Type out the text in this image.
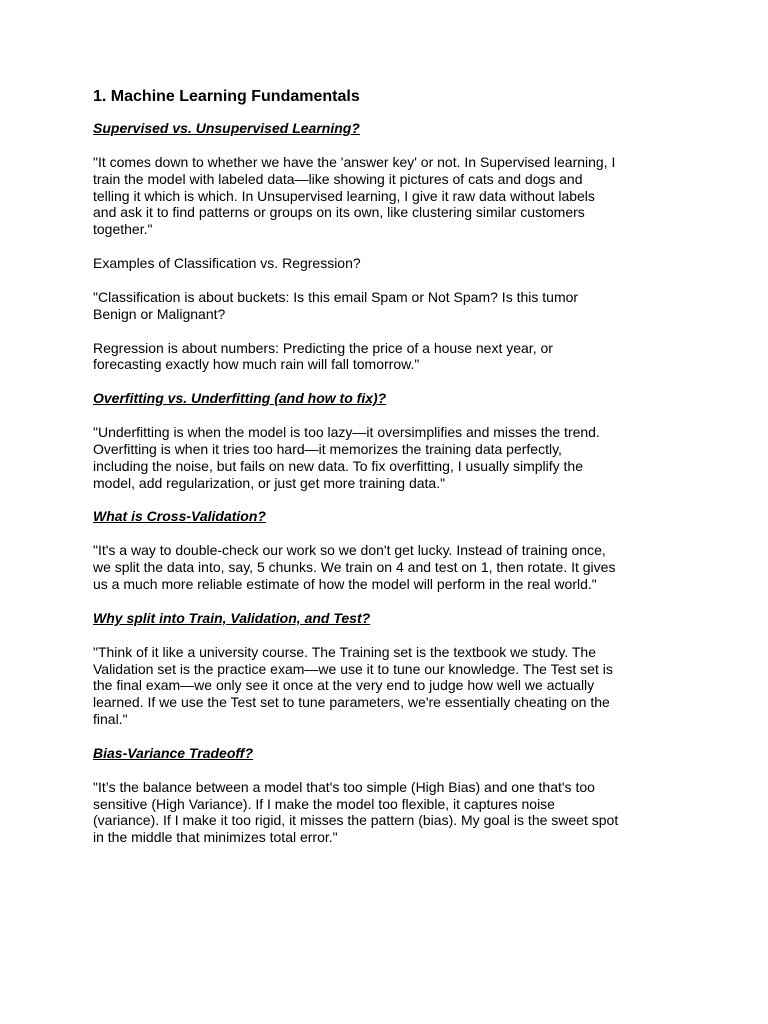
1. Machine Learning Fundamentals
Supervised vs. Unsupervised Learning?
"It comes down to whether we have the 'answer key' or not. In Supervised learning, I
train the model with labeled data—like showing it pictures of cats and dogs and
telling it which is which. In Unsupervised learning, I give it raw data without labels
and ask it to find patterns or groups on its own, like clustering similar customers
together."
Examples of Classification vs. Regression?
"Classification is about buckets: Is this email Spam or Not Spam? Is this tumor
Benign or Malignant?
Regression is about numbers: Predicting the price of a house next year, or
forecasting exactly how much rain will fall tomorrow."
Overfitting vs. Underfitting (and how to fix)?
"Underfitting is when the model is too lazy—it oversimplifies and misses the trend.
Overfitting is when it tries too hard—it memorizes the training data perfectly,
including the noise, but fails on new data. To fix overfitting, I usually simplify the
model, add regularization, or just get more training data."
What is Cross-Validation?
"It's a way to double-check our work so we don't get lucky. Instead of training once,
we split the data into, say, 5 chunks. We train on 4 and test on 1, then rotate. It gives
us a much more reliable estimate of how the model will perform in the real world."
Why split into Train, Validation, and Test?
"Think of it like a university course. The Training set is the textbook we study. The
Validation set is the practice exam—we use it to tune our knowledge. The Test set is
the final exam—we only see it once at the very end to judge how well we actually
learned. If we use the Test set to tune parameters, we're essentially cheating on the
final."
Bias-Variance Tradeoff?
"It’s the balance between a model that's too simple (High Bias) and one that's too
sensitive (High Variance). If I make the model too flexible, it captures noise
(variance). If I make it too rigid, it misses the pattern (bias). My goal is the sweet spot
in the middle that minimizes total error."
